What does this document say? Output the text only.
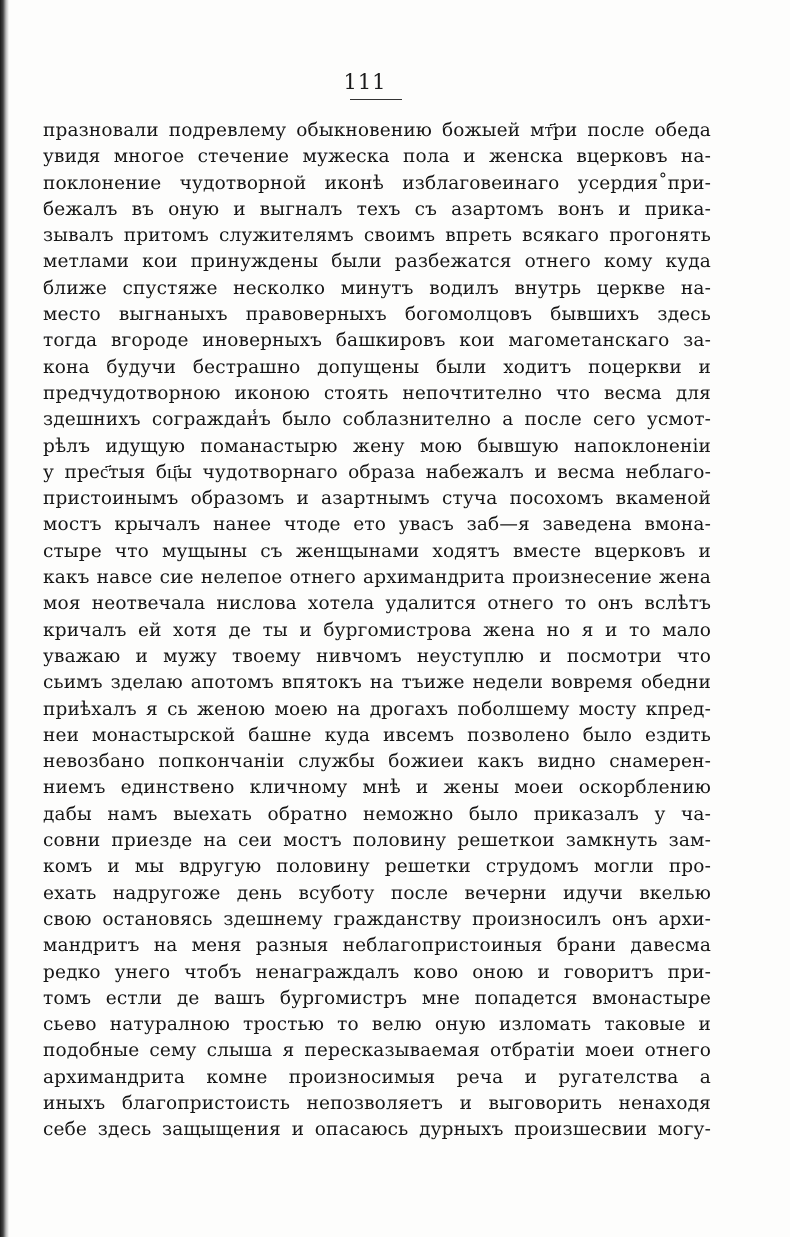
111
празновали подревлему обыкновению божыей мт҃ри после обеда
увидя многое стечение мужеска пола и женска вцерковъ на-
поклонение чудотворной иконѣ изблаговеинаго усердия˚при-
бежалъ въ оную и выгналъ техъ съ азартомъ вонъ и прика-
зывалъ притомъ служителямъ своимъ впреть всякаго прогонять
метлами кои принуждены были разбежатся отнего кому куда
ближе спустяже несколко минутъ водилъ внутрь церкве на-
место выгнаныхъ правоверныхъ богомолцовъ бывшихъ здесь
тогда вгороде иноверныхъ башкировъ кои магометанскаго за-
кона будучи бестрашно допущены были ходитъ поцеркви и
предчудотворною иконою стоять непочтително что весма для
здешнихъ сограждан̾ъ было соблазнително а после сего усмот-
рѣлъ идущую поманастырю жену мою бывшую напоклоненіи
у прес҃тыя бц҃ы чудотворнаго образа набежалъ и весма неблаго-
пристоинымъ образомъ и азартнымъ стуча посохомъ вкаменой
мостъ крычалъ нанее чтоде ето увасъ заб—я заведена вмона-
стыре что мущыны съ женщынами ходятъ вместе вцерковъ и
какъ навсе сие нелепое отнего архимандрита произнесение жена
моя неотвечала нислова хотела удалится отнего то онъ вслѣтъ
кричалъ ей хотя де ты и бургомистрова жена но я и то мало
уважаю и мужу твоему нивчомъ неуступлю и посмотри что
сьимъ зделаю апотомъ впятокъ на тъиже недели вовремя обедни
приѣхалъ я сь женою моею на дрогахъ поболшему мосту кпред-
неи монастырской башне куда ивсемъ позволено было ездить
невозбано попкончаніи службы божиеи какъ видно снамерен-
ниемъ единствено кличному мнѣ и жены моеи оскорблению
дабы намъ выехать обратно неможно было приказалъ у ча-
совни приезде на сеи мостъ половину решеткои замкнуть зам-
комъ и мы вдругую половину решетки струдомъ могли про-
ехать надругоже день всуботу после вечерни идучи вкелью
свою остановясь здешнему гражданству произносилъ онъ архи-
мандритъ на меня разныя неблагопристоиныя брани давесма
редко унего чтобъ ненаграждалъ ково оною и говоритъ при-
томъ естли де вашъ бургомистръ мне попадется вмонастыре
сьево натуралною тростью то велю оную изломать таковые и
подобные сему слыша я пересказываемая отбратіи моеи отнего
архимандрита комне произносимыя реча и ругателства а
иныхъ благопристоисть непозволяетъ и выговорить ненаходя
себе здесь защыщения и опасаюсь дурныхъ произшесвии могу-
